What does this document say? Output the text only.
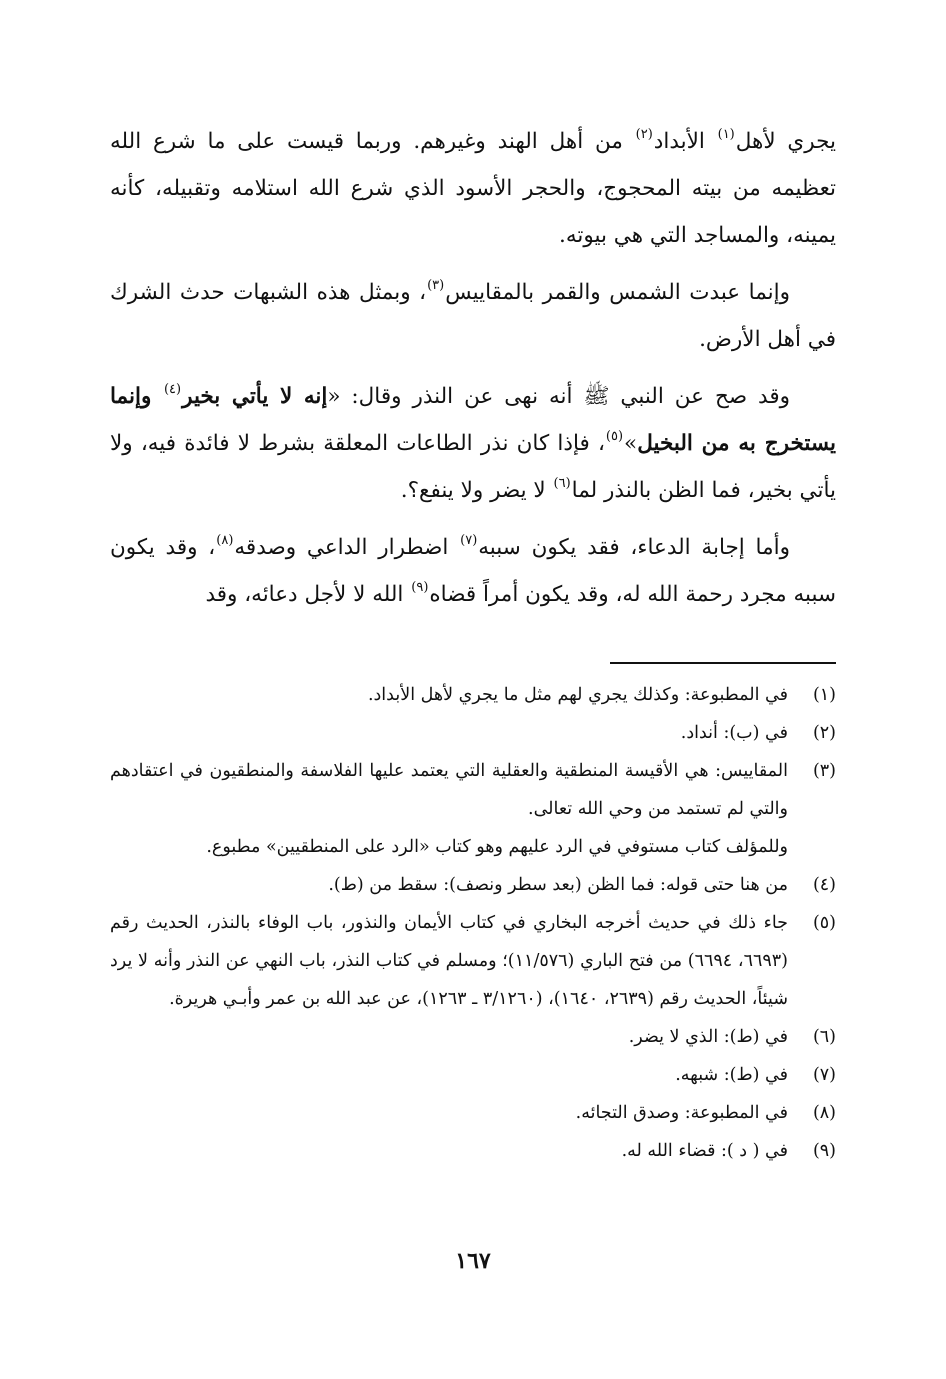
يجري لأهل$^{(١)}$ الأبداد$^{(٢)}$ من أهل الهند وغيرهم. وربما قيست على ما شرع الله تعظيمه من بيته المحجوج، والحجر الأسود الذي شرع الله استلامه وتقبيله، كأنه يمينه، والمساجد التي هي بيوته.

وإنما عبدت الشمس والقمر بالمقاييس$^{(٣)}$، وبمثل هذه الشبهات حدث الشرك في أهل الأرض.

وقد صح عن النبي ﷺ أنه نهى عن النذر وقال: «إنه لا يأتي بخير$^{(٤)}$ وإنما يستخرج به من البخيل»$^{(٥)}$، فإذا كان نذر الطاعات المعلقة بشرط لا فائدة فيه، ولا يأتي بخير، فما الظن بالنذر لما$^{(٦)}$ لا يضر ولا ينفع؟.

وأما إجابة الدعاء، فقد يكون سببه$^{(٧)}$ اضطرار الداعي وصدقه$^{(٨)}$، وقد يكون سببه مجرد رحمة الله له، وقد يكون أمراً قضاه$^{(٩)}$ الله لا لأجل دعائه، وقد

(١)
في المطبوعة: وكذلك يجري لهم مثل ما يجري لأهل الأبداد.
(٢)
في (ب): أنداد.
(٣)
المقاييس: هي الأقيسة المنطقية والعقلية التي يعتمد عليها الفلاسفة والمنطقيون في اعتقادهم والتي لم تستمد من وحي الله تعالى.
وللمؤلف كتاب مستوفي في الرد عليهم وهو كتاب «الرد على المنطقيين» مطبوع.
(٤)
من هنا حتى قوله: فما الظن (بعد سطر ونصف): سقط من (ط).
(٥)
جاء ذلك في حديث أخرجه البخاري في كتاب الأيمان والنذور، باب الوفاء بالنذر، الحديث رقم (٦٦٩٣، ٦٦٩٤) من فتح الباري (١١/٥٧٦)؛ ومسلم في كتاب النذر، باب النهي عن النذر وأنه لا يرد شيئاً، الحديث رقم (٢٦٣٩، ١٦٤٠)، (٣/١٢٦٠ ـ ١٢٦٣)، عن عبد الله بن عمر وأبـي هريرة.
(٦)
في (ط): الذي لا يضر.
(٧)
في (ط): شبهه.
(٨)
في المطبوعة: وصدق التجائه.
(٩)
في ( د ): قضاء الله له.
١٦٧
